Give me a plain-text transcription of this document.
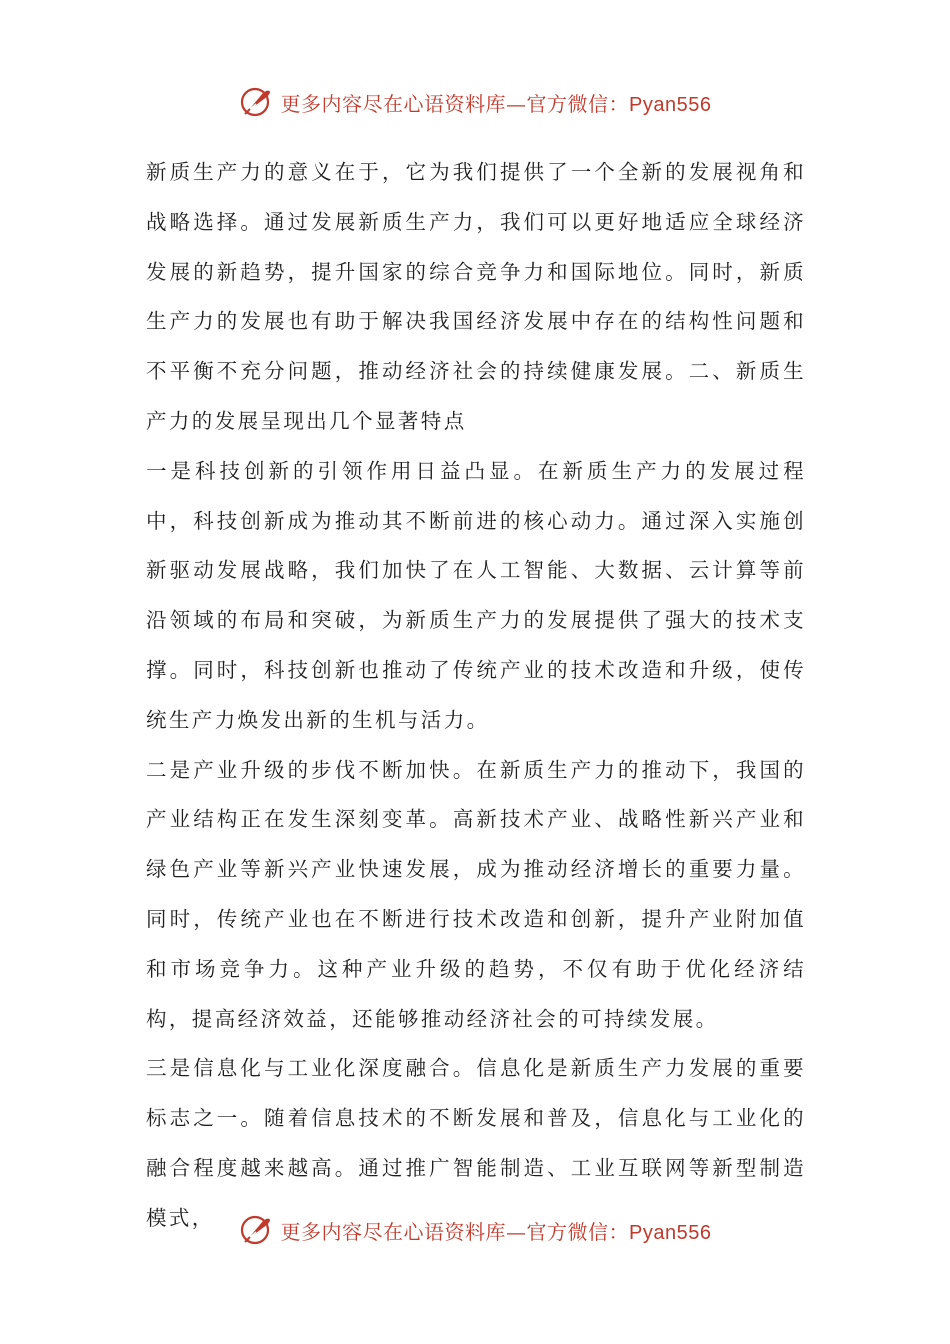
更多内容尽在心语资料库—官方微信：Pyan556

新质生产力的意义在于，它为我们提供了一个全新的发展视角和战略选择。通过发展新质生产力，我们可以更好地适应全球经济发展的新趋势，提升国家的综合竞争力和国际地位。同时，新质生产力的发展也有助于解决我国经济发展中存在的结构性问题和不平衡不充分问题，推动经济社会的持续健康发展。二、新质生产力的发展呈现出几个显著特点

一是科技创新的引领作用日益凸显。在新质生产力的发展过程中，科技创新成为推动其不断前进的核心动力。通过深入实施创新驱动发展战略，我们加快了在人工智能、大数据、云计算等前沿领域的布局和突破，为新质生产力的发展提供了强大的技术支撑。同时，科技创新也推动了传统产业的技术改造和升级，使传统生产力焕发出新的生机与活力。

二是产业升级的步伐不断加快。在新质生产力的推动下，我国的产业结构正在发生深刻变革。高新技术产业、战略性新兴产业和绿色产业等新兴产业快速发展，成为推动经济增长的重要力量。同时，传统产业也在不断进行技术改造和创新，提升产业附加值和市场竞争力。这种产业升级的趋势，不仅有助于优化经济结构，提高经济效益，还能够推动经济社会的可持续发展。

三是信息化与工业化深度融合。信息化是新质生产力发展的重要标志之一。随着信息技术的不断发展和普及，信息化与工业化的融合程度越来越高。通过推广智能制造、工业互联网等新型制造模式，

更多内容尽在心语资料库—官方微信：Pyan556
